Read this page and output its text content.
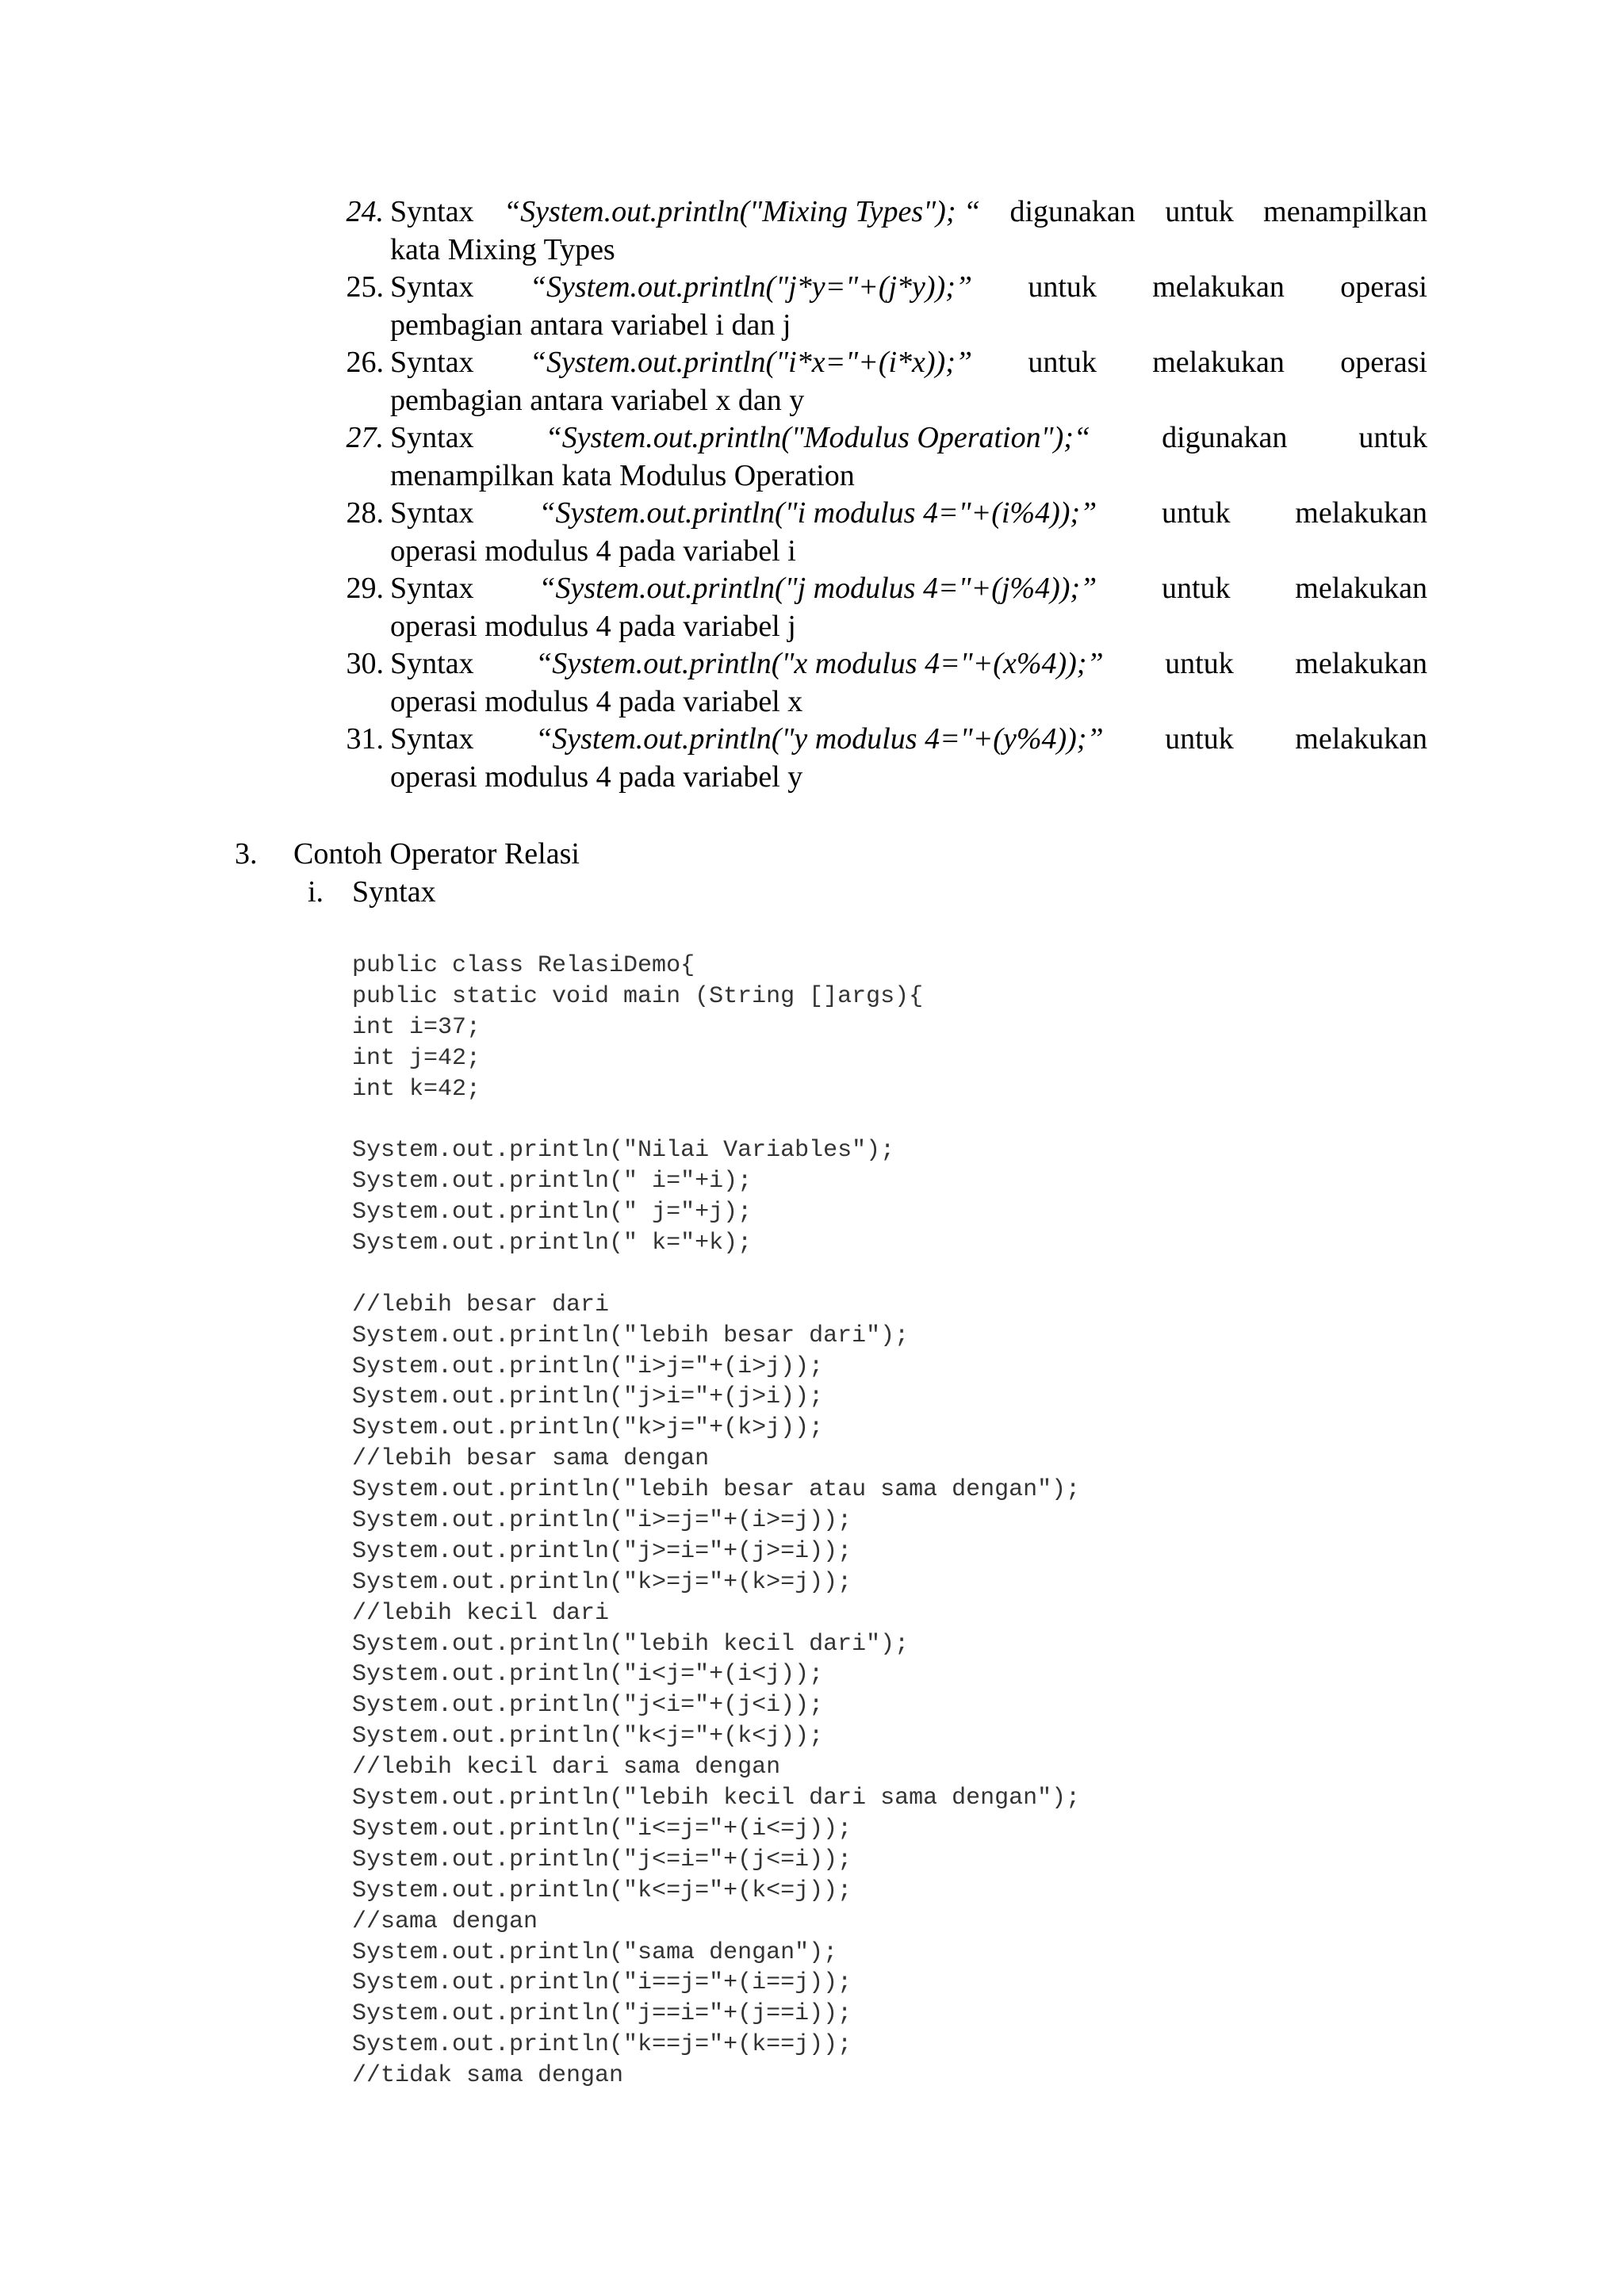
24. Syntax “System.out.println("Mixing Types"); “ digunakan untuk menampilkan
kata Mixing Types
25. Syntax “System.out.println("j*y="+(j*y));” untuk melakukan operasi
pembagian antara variabel i dan j
26. Syntax “System.out.println("i*x="+(i*x));” untuk melakukan operasi
pembagian antara variabel x dan y
27. Syntax “System.out.println("Modulus Operation");“ digunakan untuk
menampilkan kata Modulus Operation
28. Syntax “System.out.println("i modulus 4="+(i%4));” untuk melakukan
operasi modulus 4 pada variabel i
29. Syntax “System.out.println("j modulus 4="+(j%4));” untuk melakukan
operasi modulus 4 pada variabel j
30. Syntax “System.out.println("x modulus 4="+(x%4));” untuk melakukan
operasi modulus 4 pada variabel x
31. Syntax “System.out.println("y modulus 4="+(y%4));” untuk melakukan
operasi modulus 4 pada variabel y
3. Contoh Operator Relasi
i. Syntax
public class RelasiDemo{
public static void main (String []args){
int i=37;
int j=42;
int k=42;
System.out.println("Nilai Variables");
System.out.println(" i="+i);
System.out.println(" j="+j);
System.out.println(" k="+k);
//lebih besar dari
System.out.println("lebih besar dari");
System.out.println("i>j="+(i>j));
System.out.println("j>i="+(j>i));
System.out.println("k>j="+(k>j));
//lebih besar sama dengan
System.out.println("lebih besar atau sama dengan");
System.out.println("i>=j="+(i>=j));
System.out.println("j>=i="+(j>=i));
System.out.println("k>=j="+(k>=j));
//lebih kecil dari
System.out.println("lebih kecil dari");
System.out.println("i<j="+(i<j));
System.out.println("j<i="+(j<i));
System.out.println("k<j="+(k<j));
//lebih kecil dari sama dengan
System.out.println("lebih kecil dari sama dengan");
System.out.println("i<=j="+(i<=j));
System.out.println("j<=i="+(j<=i));
System.out.println("k<=j="+(k<=j));
//sama dengan
System.out.println("sama dengan");
System.out.println("i==j="+(i==j));
System.out.println("j==i="+(j==i));
System.out.println("k==j="+(k==j));
//tidak sama dengan
